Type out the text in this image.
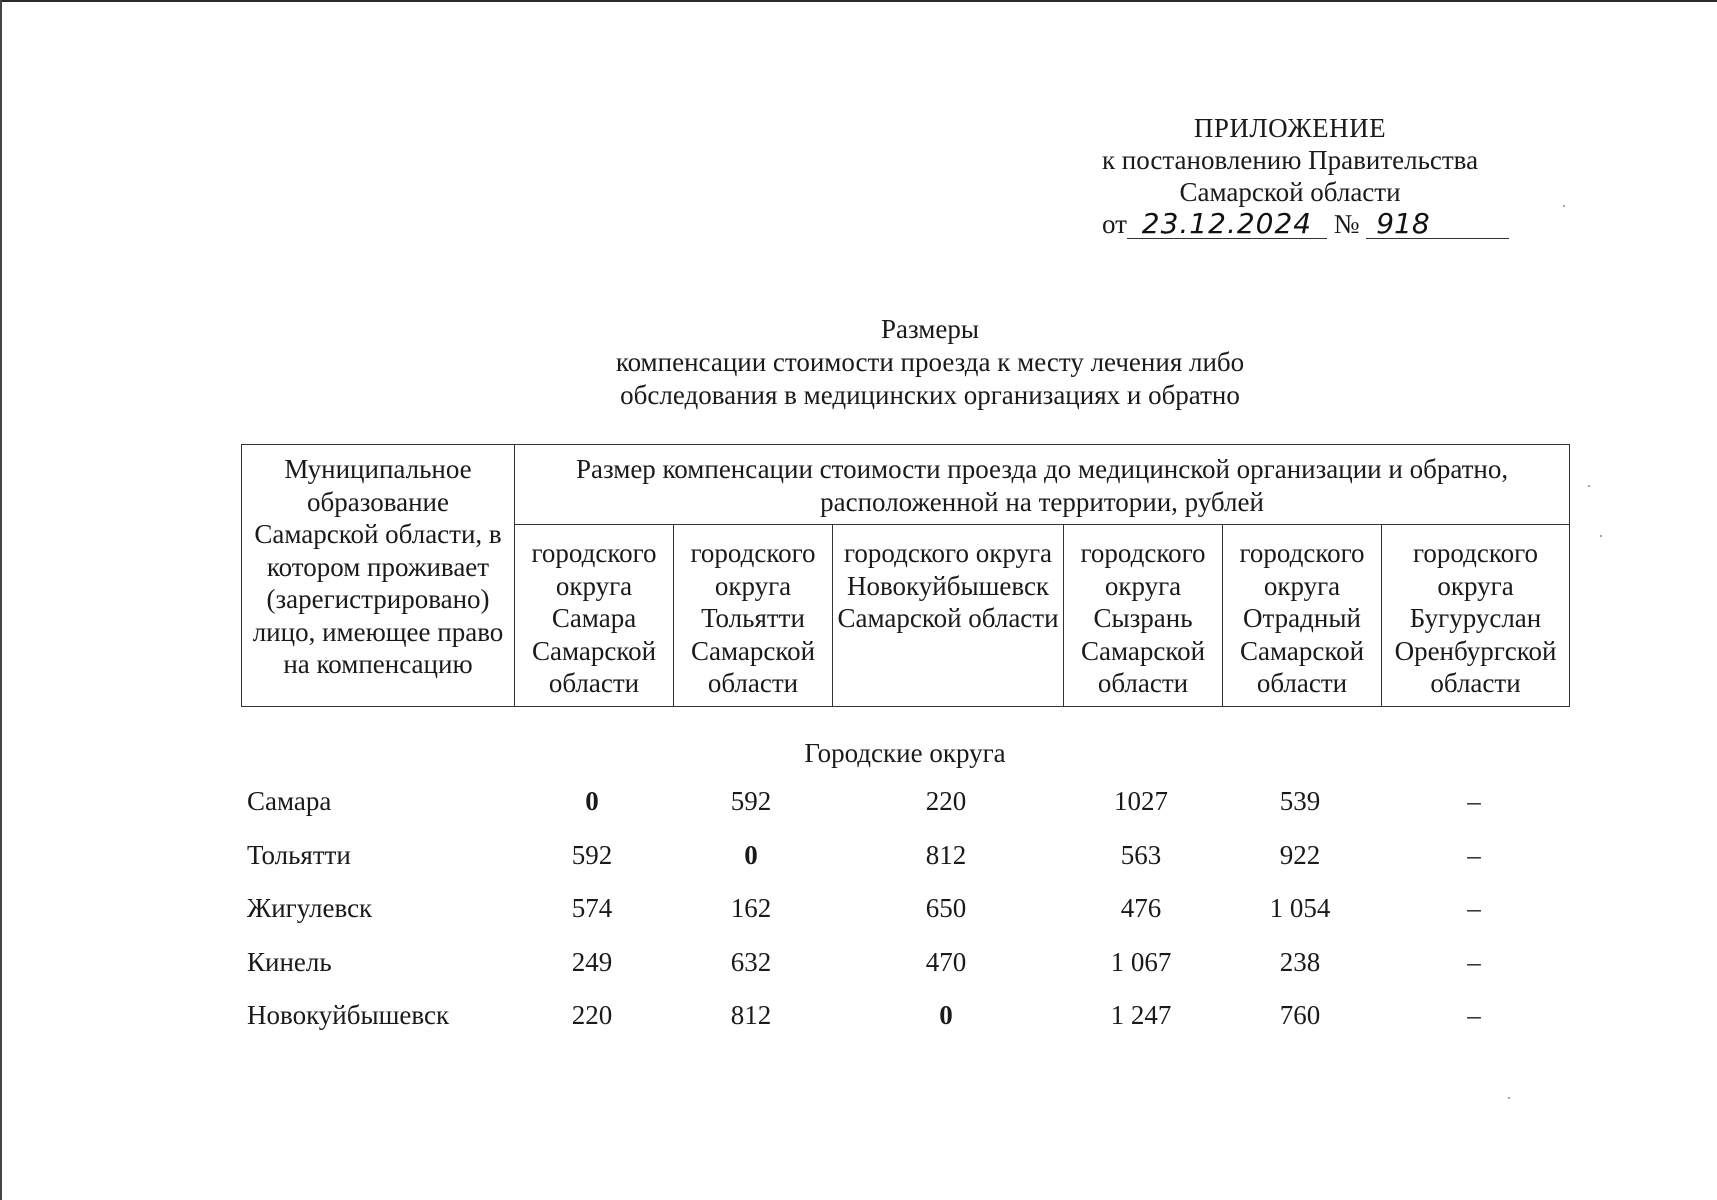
ПРИЛОЖЕНИЕ
к постановлению Правительства
Самарской области
от 23.12.2024 № 918
Размеры
компенсации стоимости проезда к месту лечения либо
обследования в медицинских организациях и обратно
Муниципальное образование Самарской области, в котором проживает (зарегистрировано) лицо, имеющее право на компенсацию	Размер компенсации стоимости проезда до медицинской организации и обратно, расположенной на территории, рублей					
	городского округа Самара Самарской области	городского округа Тольятти Самарской области	городского округа Новокуйбышевск Самарской области	городского округа Сызрань Самарской области	городского округа Отрадный Самарской области	городского округа Бугуруслан Оренбургской области
Городские округа
Самара	0	592	220	1027	539	–
Тольятти	592	0	812	563	922	–
Жигулевск	574	162	650	476	1 054	–
Кинель	249	632	470	1 067	238	–
Новокуйбышевск	220	812	0	1 247	760	–
